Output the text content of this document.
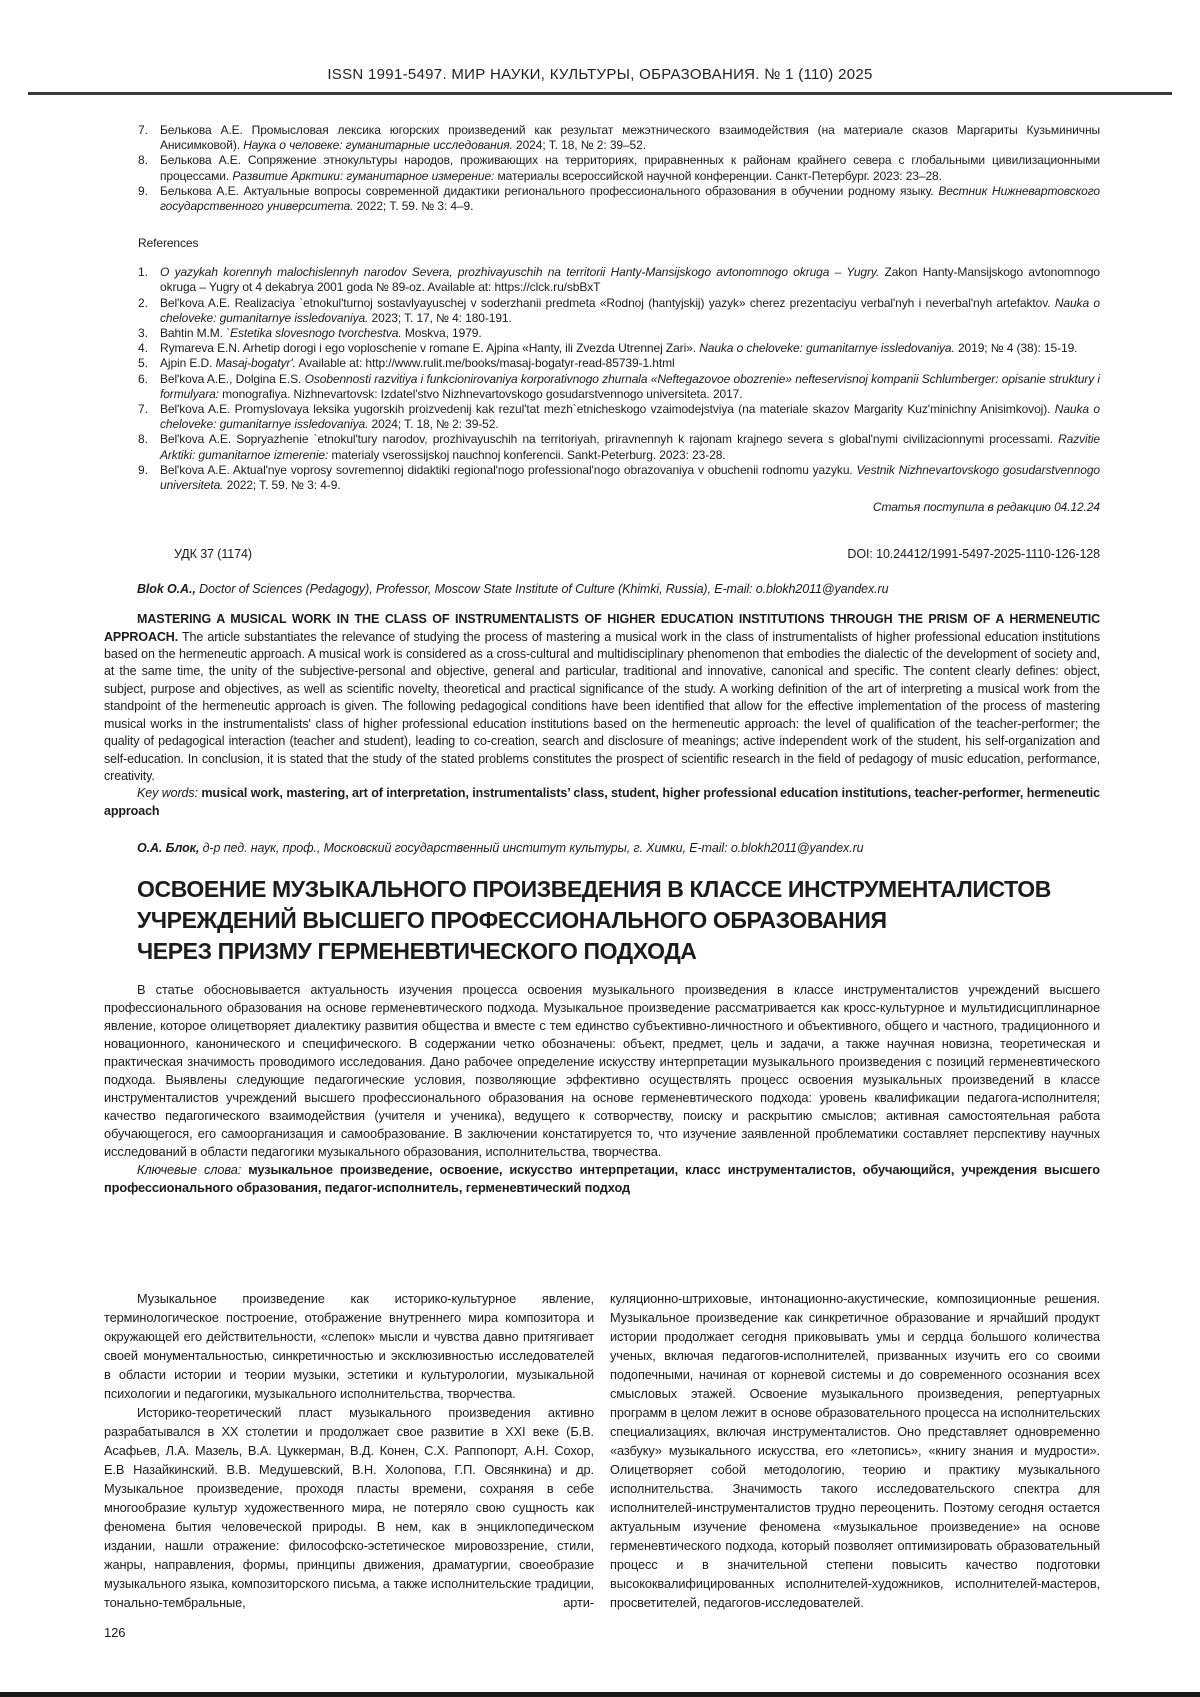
ISSN 1991-5497. МИР НАУКИ, КУЛЬТУРЫ, ОБРАЗОВАНИЯ. № 1 (110) 2025
7.	Белькова А.Е. Промысловая лексика югорских произведений как результат межэтнического взаимодействия (на материале сказов Маргариты Кузьминичны Анисимковой). Наука о человеке: гуманитарные исследования. 2024; Т. 18, № 2: 39–52.
8.	Белькова А.Е. Сопряжение этнокультуры народов, проживающих на территориях, приравненных к районам крайнего севера с глобальными цивилизационными процессами. Развитие Арктики: гуманитарное измерение: материалы всероссийской научной конференции. Санкт-Петербург. 2023: 23–28.
9.	Белькова А.Е. Актуальные вопросы современной дидактики регионального профессионального образования в обучении родному языку. Вестник Нижневартовского государственного университета. 2022; Т. 59. № 3: 4–9.
References
1.	O yazykah korennyh malochislennyh narodov Severa, prozhivayuschih na territorii Hanty-Mansijskogo avtonomnogo okruga – Yugry. Zakon Hanty-Mansijskogo avtonomnogo okruga – Yugry ot 4 dekabrya 2001 goda № 89-oz. Available at: https://clck.ru/sbBxT
2.	Bel'kova A.E. Realizaciya `etnokul'turnoj sostavlyayuschej v soderzhanii predmeta «Rodnoj (hantyjskij) yazyk» cherez prezentaciyu verbal'nyh i neverbal'nyh artefaktov. Nauka o cheloveke: gumanitarnye issledovaniya. 2023; T. 17, № 4: 180-191.
3.	Bahtin M.M. `Estetika slovesnogo tvorchestva. Moskva, 1979.
4.	Rymareva E.N. Arhetip dorogi i ego voploschenie v romane E. Ajpina «Hanty, ili Zvezda Utrennej Zari». Nauka o cheloveke: gumanitarnye issledovaniya. 2019; № 4 (38): 15-19.
5.	Ajpin E.D. Masaj-bogatyr'. Available at: http://www.rulit.me/books/masaj-bogatyr-read-85739-1.html
6.	Bel'kova A.E., Dolgina E.S. Osobennosti razvitiya i funkcionirovaniya korporativnogo zhurnala «Neftegazovoe obozrenie» nefteservisnoj kompanii Schlumberger: opisanie struktury i formulyara: monografiya. Nizhnevartovsk: Izdatel'stvo Nizhnevartovskogo gosudarstvennogo universiteta. 2017.
7.	Bel'kova A.E. Promyslovaya leksika yugorskih proizvedenij kak rezul'tat mezh`etnicheskogo vzaimodejstviya (na materiale skazov Margarity Kuz'minichny Anisimkovoj). Nauka o cheloveke: gumanitarnye issledovaniya. 2024; T. 18, № 2: 39-52.
8.	Bel'kova A.E. Sopryazhenie `etnokul'tury narodov, prozhivayuschih na territoriyah, priravnennyh k rajonam krajnego severa s global'nymi civilizacionnymi processami. Razvitie Arktiki: gumanitarnoe izmerenie: materialy vserossijskoj nauchnoj konferencii. Sankt-Peterburg. 2023: 23-28.
9.	Bel'kova A.E. Aktual'nye voprosy sovremennoj didaktiki regional'nogo professional'nogo obrazovaniya v obuchenii rodnomu yazyku. Vestnik Nizhnevartovskogo gosudarstvennogo universiteta. 2022; T. 59. № 3: 4-9.
Статья поступила в редакцию 04.12.24
УДК 37 (1174)	DOI: 10.24412/1991-5497-2025-1110-126-128
Blok O.A., Doctor of Sciences (Pedagogy), Professor, Moscow State Institute of Culture (Khimki, Russia), E-mail: o.blokh2011@yandex.ru
MASTERING A MUSICAL WORK IN THE CLASS OF INSTRUMENTALISTS OF HIGHER EDUCATION INSTITUTIONS THROUGH THE PRISM OF A HERMENEUTIC APPROACH. The article substantiates the relevance of studying the process of mastering a musical work in the class of instrumentalists of higher professional education institutions based on the hermeneutic approach. A musical work is considered as a cross-cultural and multidisciplinary phenomenon that embodies the dialectic of the development of society and, at the same time, the unity of the subjective-personal and objective, general and particular, traditional and innovative, canonical and specific. The content clearly defines: object, subject, purpose and objectives, as well as scientific novelty, theoretical and practical significance of the study. A working definition of the art of interpreting a musical work from the standpoint of the hermeneutic approach is given. The following pedagogical conditions have been identified that allow for the effective implementation of the process of mastering musical works in the instrumentalists' class of higher professional education institutions based on the hermeneutic approach: the level of qualification of the teacher-performer; the quality of pedagogical interaction (teacher and student), leading to co-creation, search and disclosure of meanings; active independent work of the student, his self-organization and self-education. In conclusion, it is stated that the study of the stated problems constitutes the prospect of scientific research in the field of pedagogy of music education, performance, creativity.
Key words: musical work, mastering, art of interpretation, instrumentalists’ class, student, higher professional education institutions, teacher-performer, hermeneutic approach
О.А. Блок, д-р пед. наук, проф., Московский государственный институт культуры, г. Химки, E-mail: o.blokh2011@yandex.ru
ОСВОЕНИЕ МУЗЫКАЛЬНОГО ПРОИЗВЕДЕНИЯ В КЛАССЕ ИНСТРУМЕНТАЛИСТОВ
УЧРЕЖДЕНИЙ ВЫСШЕГО ПРОФЕССИОНАЛЬНОГО ОБРАЗОВАНИЯ
ЧЕРЕЗ ПРИЗМУ ГЕРМЕНЕВТИЧЕСКОГО ПОДХОДА
В статье обосновывается актуальность изучения процесса освоения музыкального произведения в классе инструменталистов учреждений высшего профессионального образования на основе герменевтического подхода. Музыкальное произведение рассматривается как кросс-культурное и мультидисциплинарное явление, которое олицетворяет диалектику развития общества и вместе с тем единство субъективно-личностного и объективного, общего и частного, традиционного и новационного, канонического и специфического. В содержании четко обозначены: объект, предмет, цель и задачи, а также научная новизна, теоретическая и практическая значимость проводимого исследования. Дано рабочее определение искусству интерпретации музыкального произведения с позиций герменевтического подхода. Выявлены следующие педагогические условия, позволяющие эффективно осуществлять процесс освоения музыкальных произведений в классе инструменталистов учреждений высшего профессионального образования на основе герменевтического подхода: уровень квалификации педагога-исполнителя; качество педагогического взаимодействия (учителя и ученика), ведущего к сотворчеству, поиску и раскрытию смыслов; активная самостоятельная работа обучающегося, его самоорганизация и самообразование. В заключении констатируется то, что изучение заявленной проблематики составляет перспективу научных исследований в области педагогики музыкального образования, исполнительства, творчества.
Ключевые слова: музыкальное произведение, освоение, искусство интерпретации, класс инструменталистов, обучающийся, учреждения высшего профессионального образования, педагог-исполнитель, герменевтический подход
Музыкальное произведение как историко-культурное явление, терминологическое построение, отображение внутреннего мира композитора и окружающей его действительности, «слепок» мысли и чувства давно притягивает своей монументальностью, синкретичностью и эксклюзивностью исследователей в области истории и теории музыки, эстетики и культурологии, музыкальной психологии и педагогики, музыкального исполнительства, творчества.
Историко-теоретический пласт музыкального произведения активно разрабатывался в XX столетии и продолжает свое развитие в XXI веке (Б.В. Асафьев, Л.А. Мазель, В.А. Цуккерман, В.Д. Конен, С.Х. Раппопорт, А.Н. Сохор, Е.В Назайкинский. В.В. Медушевский, В.Н. Холопова, Г.П. Овсянкина) и др. Музыкальное произведение, проходя пласты времени, сохраняя в себе многообразие культур художественного мира, не потеряло свою сущность как феномена бытия человеческой природы. В нем, как в энциклопедическом издании, нашли отражение: философско-эстетическое мировоззрение, стили, жанры, направления, формы, принципы движения, драматургии, своеобразие музыкального языка, композиторского письма, а также исполнительские традиции, тонально-тембральные, арти-
куляционно-штриховые, интонационно-акустические, композиционные решения. Музыкальное произведение как синкретичное образование и ярчайший продукт истории продолжает сегодня приковывать умы и сердца большого количества ученых, включая педагогов-исполнителей, призванных изучить его со своими подопечными, начиная от корневой системы и до современного осознания всех смысловых этажей. Освоение музыкального произведения, репертуарных программ в целом лежит в основе образовательного процесса на исполнительских специализациях, включая инструменталистов. Оно представляет одновременно «азбуку» музыкального искусства, его «летопись», «книгу знания и мудрости». Олицетворяет собой методологию, теорию и практику музыкального исполнительства. Значимость такого исследовательского спектра для исполнителей-инструменталистов трудно переоценить. Поэтому сегодня остается актуальным изучение феномена «музыкальное произведение» на основе герменевтического подхода, который позволяет оптимизировать образовательный процесс и в значительной степени повысить качество подготовки высококвалифицированных исполнителей-художников, исполнителей-мастеров, просветителей, педагогов-исследователей.
126
